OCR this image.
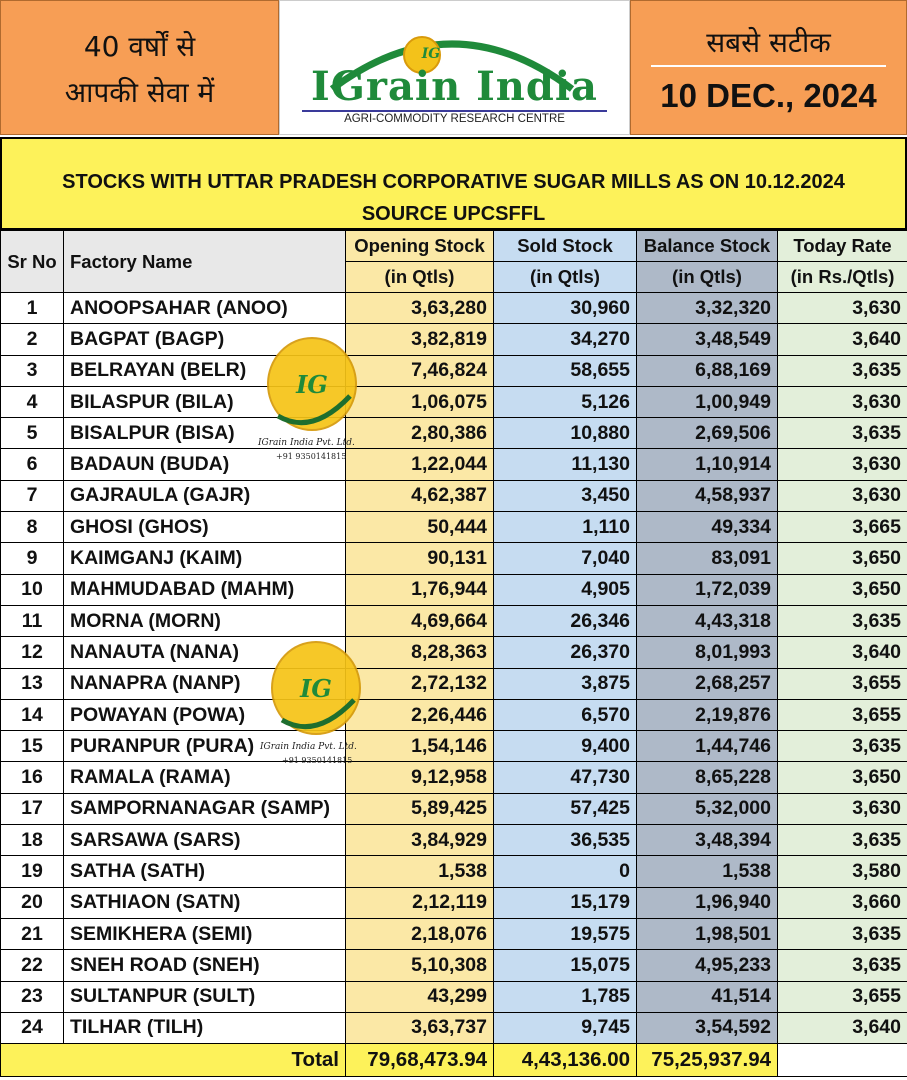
40 वर्षों से
आपकी सेवा में
IG
IGrain India
AGRI-COMMODITY RESEARCH CENTRE
सबसे सटीक
10 DEC., 2024
STOCKS WITH UTTAR PRADESH CORPORATIVE SUGAR MILLS AS ON 10.12.2024
SOURCE UPCSFFL
Sr No	Factory Name	Opening Stock	Sold Stock	Balance Stock	Today Rate
		(in Qtls)	(in Qtls)	(in Qtls)	(in Rs./Qtls)
1	ANOOPSAHAR (ANOO)	3,63,280	30,960	3,32,320	3,630
2	BAGPAT (BAGP)	3,82,819	34,270	3,48,549	3,640
3	BELRAYAN (BELR)	7,46,824	58,655	6,88,169	3,635
4	BILASPUR (BILA)	1,06,075	5,126	1,00,949	3,630
5	BISALPUR (BISA)	2,80,386	10,880	2,69,506	3,635
6	BADAUN (BUDA)	1,22,044	11,130	1,10,914	3,630
7	GAJRAULA (GAJR)	4,62,387	3,450	4,58,937	3,630
8	GHOSI (GHOS)	50,444	1,110	49,334	3,665
9	KAIMGANJ (KAIM)	90,131	7,040	83,091	3,650
10	MAHMUDABAD (MAHM)	1,76,944	4,905	1,72,039	3,650
11	MORNA (MORN)	4,69,664	26,346	4,43,318	3,635
12	NANAUTA (NANA)	8,28,363	26,370	8,01,993	3,640
13	NANAPRA (NANP)	2,72,132	3,875	2,68,257	3,655
14	POWAYAN (POWA)	2,26,446	6,570	2,19,876	3,655
15	PURANPUR (PURA)	1,54,146	9,400	1,44,746	3,635
16	RAMALA (RAMA)	9,12,958	47,730	8,65,228	3,650
17	SAMPORNANAGAR (SAMP)	5,89,425	57,425	5,32,000	3,630
18	SARSAWA (SARS)	3,84,929	36,535	3,48,394	3,635
19	SATHA (SATH)	1,538	0	1,538	3,580
20	SATHIAON (SATN)	2,12,119	15,179	1,96,940	3,660
21	SEMIKHERA (SEMI)	2,18,076	19,575	1,98,501	3,635
22	SNEH ROAD (SNEH)	5,10,308	15,075	4,95,233	3,635
23	SULTANPUR (SULT)	43,299	1,785	41,514	3,655
24	TILHAR (TILH)	3,63,737	9,745	3,54,592	3,640
Total		79,68,473.94	4,43,136.00	75,25,937.94	
IG
IGrain India Pvt. Ltd.
+91 9350141815
IG
IGrain India Pvt. Ltd.
+91 9350141815
